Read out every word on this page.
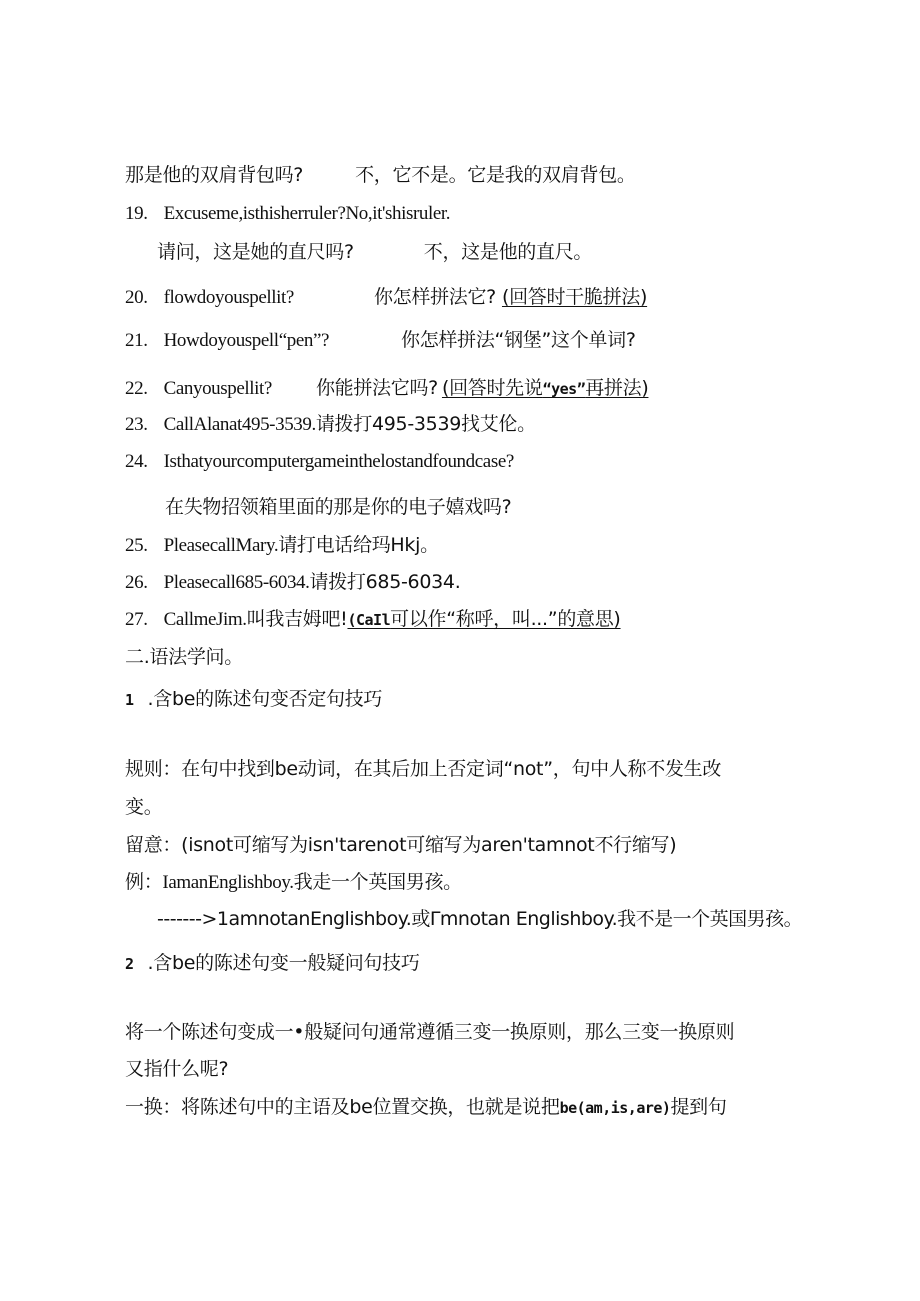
那是他的双肩背包吗?	不，它不是。它是我的双肩背包。
19. Excuseme,isthisherruler?No,it'shisruler.
请问，这是她的直尺吗?	不，这是他的直尺。
20. flowdoyouspellit?	你怎样拼法它? (回答时干脆拼法)
21. Howdoyouspell“pen”?	你怎样拼法“钢堡”这个单词?
22. Canyouspellit? 你能拼法它吗? (回答时先说“yes”再拼法)
23. CallAlanat495-3539.请拨打495-3539找艾伦。
24. Isthatyourcomputergameinthelostandfoundcase?
在失物招领箱里面的那是你的电子嬉戏吗?
25. PleasecallMary.请打电话给玛Hkj。
26. Pleasecall685-6034.请拨打685-6034.
27. CallmeJim.叫我吉姆吧!(CaIl可以作“称呼，叫...”的意思)
二.语法学问。
1 .含be的陈述句变否定句技巧
规则：在句中找到be动词，在其后加上否定词“not”，句中人称不发生改
变。
留意：(isnot可缩写为isn'tarenot可缩写为aren'tamnot不行缩写)
例：IamanEnglishboy.我走一个英国男孩。
------->1amnotanEnglishboy.或Γmnotan Englishboy.我不是一个英国男孩。
2 .含be的陈述句变一般疑问句技巧
将一个陈述句变成一•般疑问句通常遵循三变一换原则，那么三变一换原则
又指什么呢?
一换：将陈述句中的主语及be位置交换，也就是说把be(am,is,are)提到句
